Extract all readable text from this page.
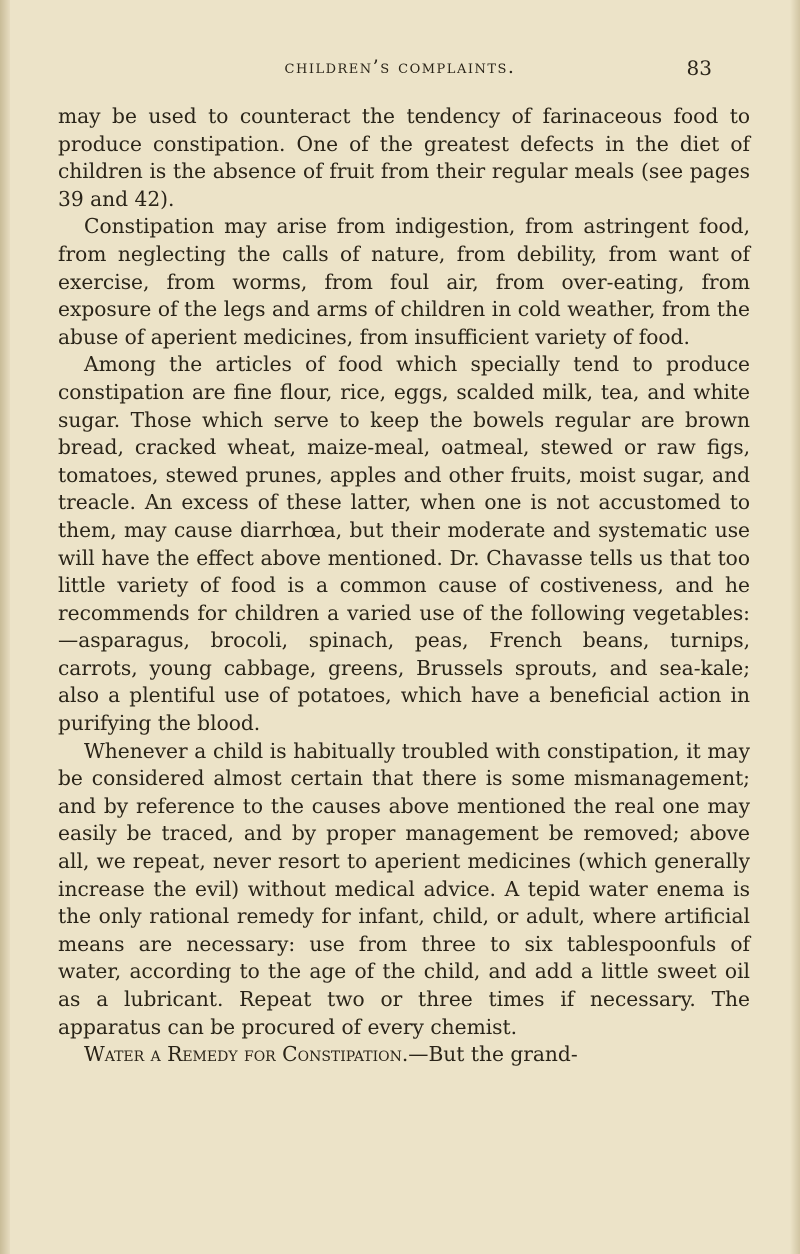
children’s complaints.	83

may be used to counteract the tendency of farinaceous food to produce constipation. One of the greatest defects in the diet of children is the absence of fruit from their regular meals (see pages 39 and 42).

Constipation may arise from indigestion, from astringent food, from neglecting the calls of nature, from debility, from want of exercise, from worms, from foul air, from over-eating, from exposure of the legs and arms of children in cold weather, from the abuse of aperient medicines, from insufficient variety of food.

Among the articles of food which specially tend to produce constipation are fine flour, rice, eggs, scalded milk, tea, and white sugar. Those which serve to keep the bowels regular are brown bread, cracked wheat, maize-meal, oatmeal, stewed or raw figs, tomatoes, stewed prunes, apples and other fruits, moist sugar, and treacle. An excess of these latter, when one is not accustomed to them, may cause diarrhœa, but their moderate and systematic use will have the effect above mentioned. Dr. Chavasse tells us that too little variety of food is a common cause of costiveness, and he recommends for children a varied use of the following vegetables:—asparagus, brocoli, spinach, peas, French beans, turnips, carrots, young cabbage, greens, Brussels sprouts, and sea-kale; also a plentiful use of potatoes, which have a beneficial action in purifying the blood.

Whenever a child is habitually troubled with constipation, it may be considered almost certain that there is some mismanagement; and by reference to the causes above mentioned the real one may easily be traced, and by proper management be removed; above all, we repeat, never resort to aperient medicines (which generally increase the evil) without medical advice. A tepid water enema is the only rational remedy for infant, child, or adult, where artificial means are necessary: use from three to six tablespoonfuls of water, according to the age of the child, and add a little sweet oil as a lubricant. Repeat two or three times if necessary. The apparatus can be procured of every chemist.

Water a Remedy for Constipation.—But the grand-
